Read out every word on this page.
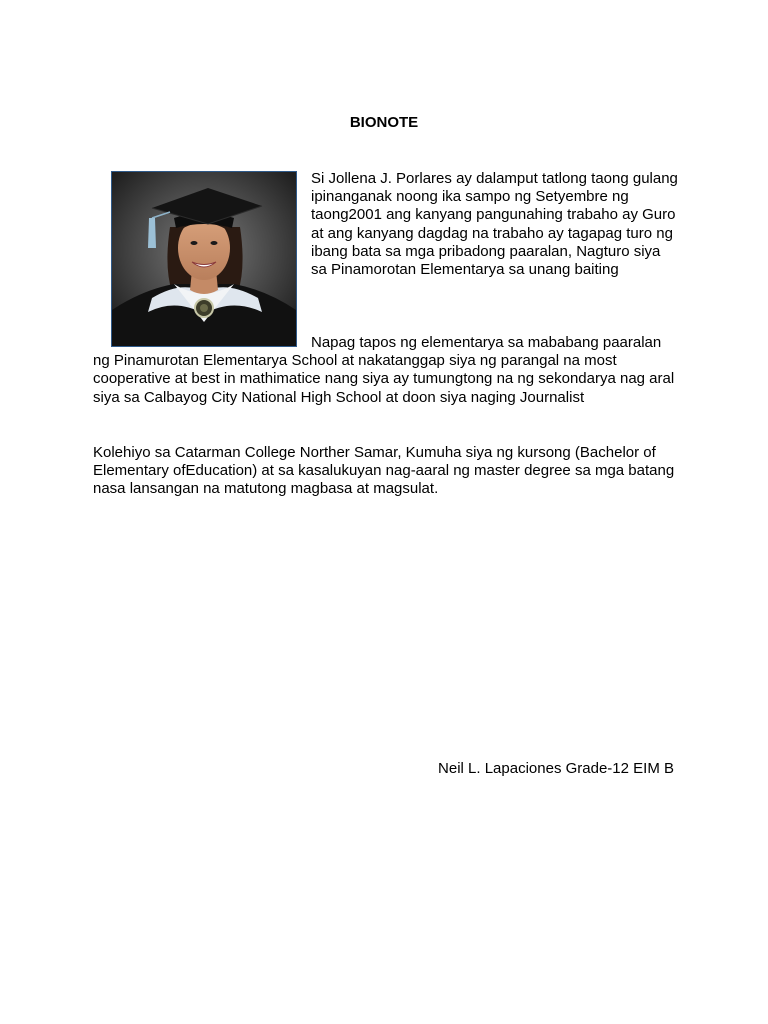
BIONOTE

Si Jollena J. Porlares ay dalamput tatlong taong gulang ipinanganak noong ika sampo ng Setyembre ng taong2001 ang kanyang pangunahing trabaho ay Guro at ang kanyang dagdag na trabaho ay tagapag turo ng ibang bata sa mga pribadong paaralan, Nagturo siya sa Pinamorotan Elementarya sa unang baiting

Napag tapos ng elementarya sa mababang paaralan ng Pinamurotan Elementarya School at nakatanggap siya ng parangal na most cooperative at best in mathimatice nang siya ay tumungtong na ng sekondarya nag aral siya sa Calbayog City National High School at doon siya naging Journalist

Kolehiyo sa Catarman College Norther Samar, Kumuha siya ng kursong (Bachelor of Elementary ofEducation) at sa kasalukuyan nag-aaral ng master degree sa mga batang nasa lansangan na matutong magbasa at magsulat.

Neil L. Lapaciones Grade-12 EIM B
